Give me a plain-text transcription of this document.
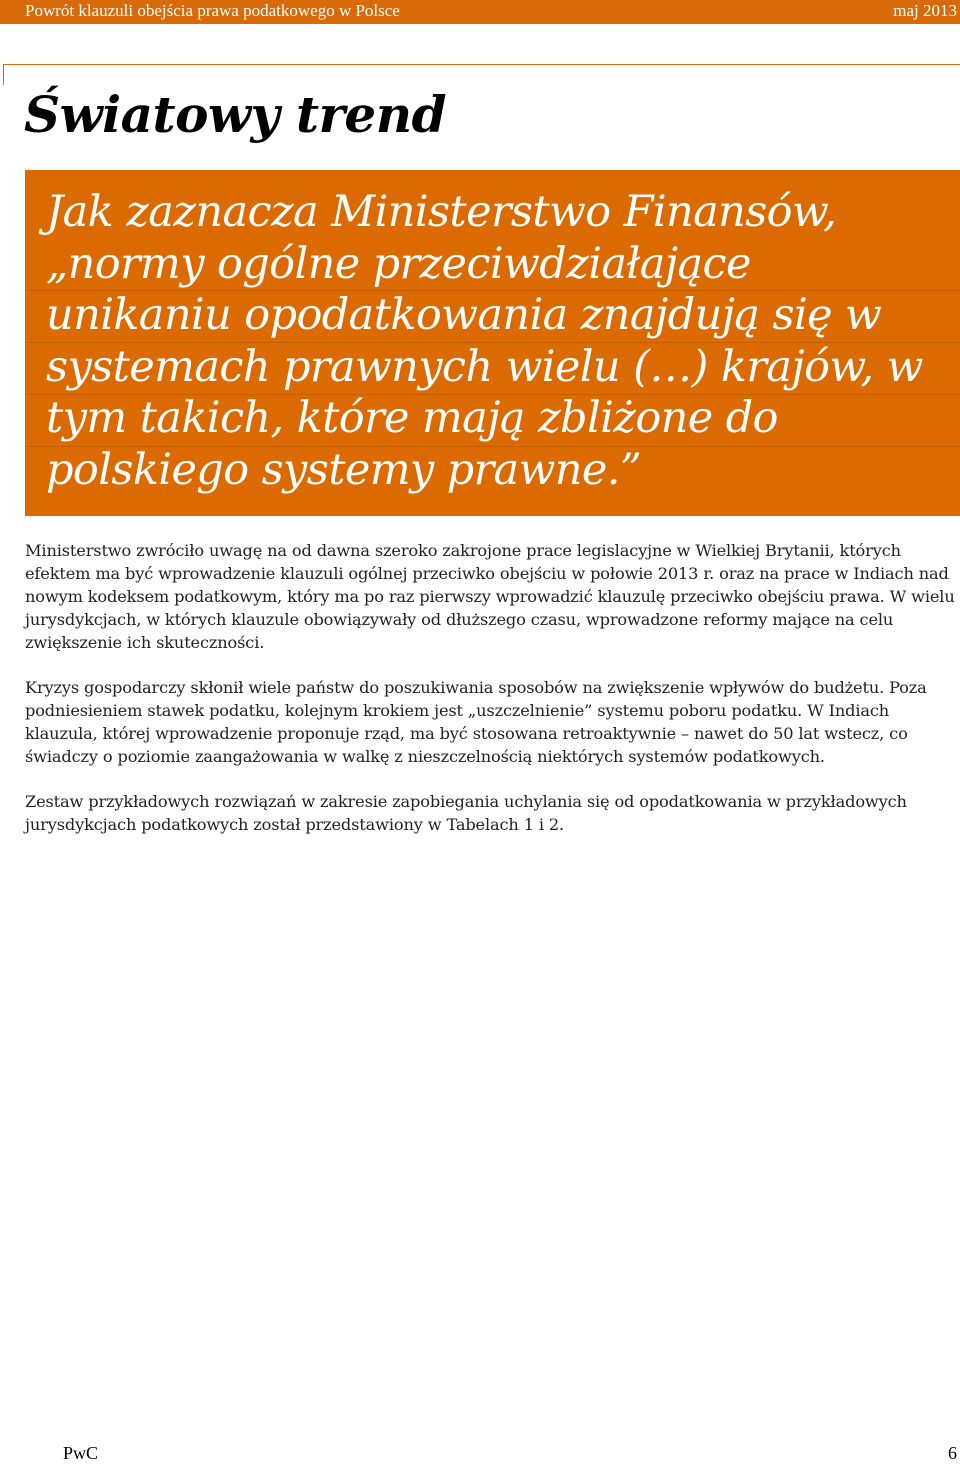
Powrót klauzuli obejścia prawa podatkowego w Polsce	maj 2013
Światowy trend

Jak zaznacza Ministerstwo Finansów, „normy ogólne przeciwdziałające unikaniu opodatkowania znajdują się w systemach prawnych wielu (…) krajów, w tym takich, które mają zbliżone do polskiego systemy prawne.”

Ministerstwo zwróciło uwagę na od dawna szeroko zakrojone prace legislacyjne w Wielkiej Brytanii, których efektem ma być wprowadzenie klauzuli ogólnej przeciwko obejściu w połowie 2013 r. oraz na prace w Indiach nad nowym kodeksem podatkowym, który ma po raz pierwszy wprowadzić klauzulę przeciwko obejściu prawa. W wielu jurysdykcjach, w których klauzule obowiązywały od dłuższego czasu, wprowadzone reformy mające na celu zwiększenie ich skuteczności.

Kryzys gospodarczy skłonił wiele państw do poszukiwania sposobów na zwiększenie wpływów do budżetu. Poza podniesieniem stawek podatku, kolejnym krokiem jest „uszczelnienie” systemu poboru podatku. W Indiach klauzula, której wprowadzenie proponuje rząd, ma być stosowana retroaktywnie – nawet do 50 lat wstecz, co świadczy o poziomie zaangażowania w walkę z nieszczelnością niektórych systemów podatkowych.

Zestaw przykładowych rozwiązań w zakresie zapobiegania uchylania się od opodatkowania w przykładowych jurysdykcjach podatkowych został przedstawiony w Tabelach 1 i 2.

PwC	6
